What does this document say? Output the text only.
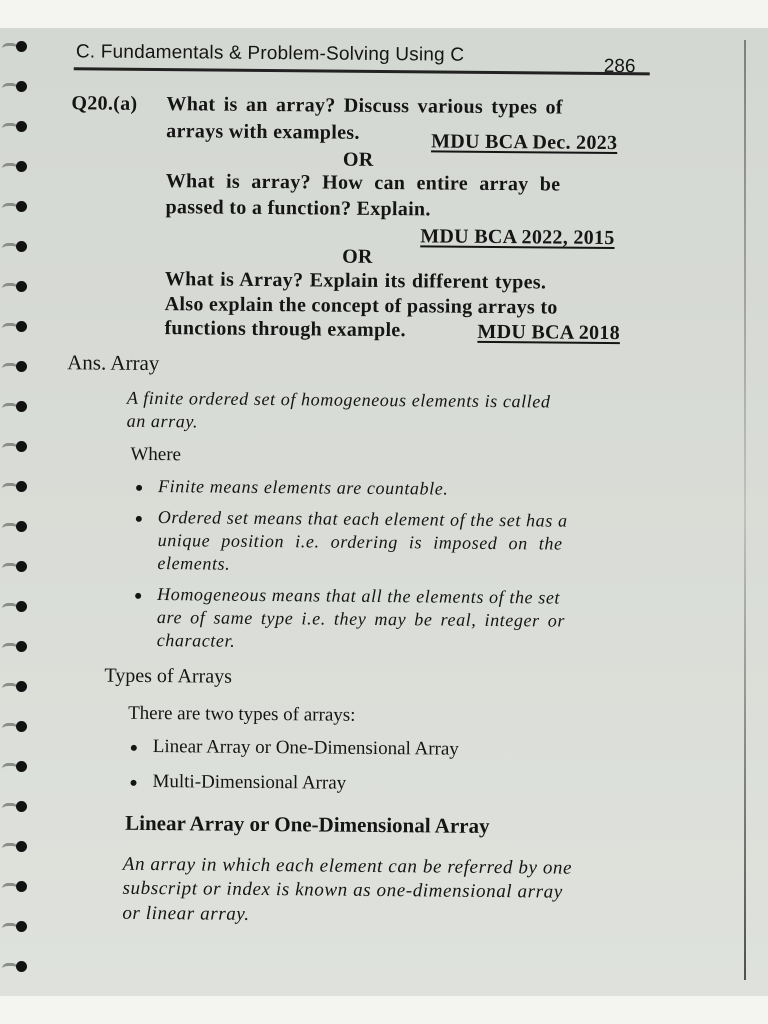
C. Fundamentals & Problem-Solving Using C
286
Q20.(a) What is an array? Discuss various types of
arrays with examples.	MDU BCA Dec. 2023
OR
What is array? How can entire array be
passed to a function? Explain.
MDU BCA 2022, 2015
OR
What is Array? Explain its different types.
Also explain the concept of passing arrays to
functions through example.	MDU BCA 2018
Ans. Array
A finite ordered set of homogeneous elements is called
an array.
Where
Finite means elements are countable.
Ordered set means that each element of the set has a
unique position i.e. ordering is imposed on the
elements.
Homogeneous means that all the elements of the set
are of same type i.e. they may be real, integer or
character.
Types of Arrays
There are two types of arrays:
Linear Array or One-Dimensional Array
Multi-Dimensional Array
Linear Array or One-Dimensional Array
An array in which each element can be referred by one
subscript or index is known as one-dimensional array
or linear array.
